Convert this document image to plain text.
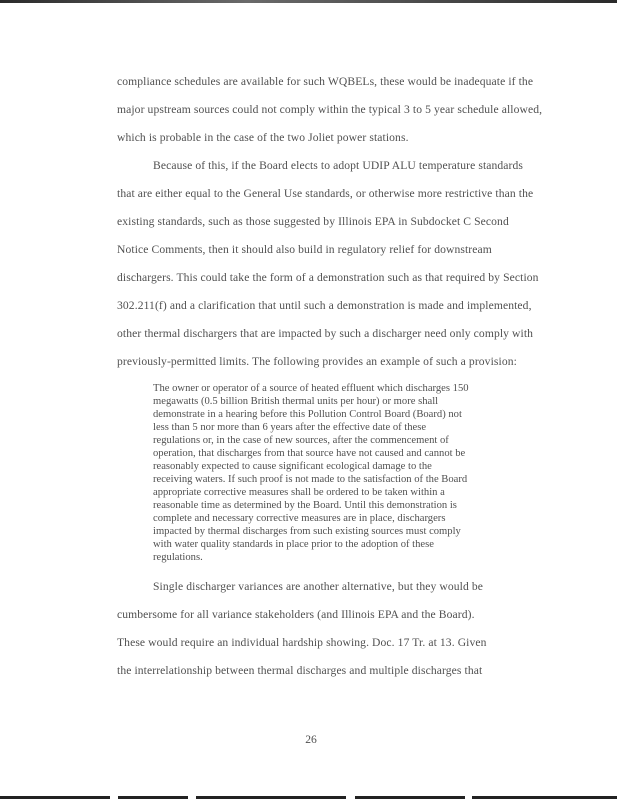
compliance schedules are available for such WQBELs, these would be inadequate if the
major upstream sources could not comply within the typical 3 to 5 year schedule allowed,
which is probable in the case of the two Joliet power stations.
Because of this, if the Board elects to adopt UDIP ALU temperature standards
that are either equal to the General Use standards, or otherwise more restrictive than the
existing standards, such as those suggested by Illinois EPA in Subdocket C Second
Notice Comments, then it should also build in regulatory relief for downstream
dischargers. This could take the form of a demonstration such as that required by Section
302.211(f) and a clarification that until such a demonstration is made and implemented,
other thermal dischargers that are impacted by such a discharger need only comply with
previously-permitted limits. The following provides an example of such a provision:
The owner or operator of a source of heated effluent which discharges 150
megawatts (0.5 billion British thermal units per hour) or more shall
demonstrate in a hearing before this Pollution Control Board (Board) not
less than 5 nor more than 6 years after the effective date of these
regulations or, in the case of new sources, after the commencement of
operation, that discharges from that source have not caused and cannot be
reasonably expected to cause significant ecological damage to the
receiving waters. If such proof is not made to the satisfaction of the Board
appropriate corrective measures shall be ordered to be taken within a
reasonable time as determined by the Board. Until this demonstration is
complete and necessary corrective measures are in place, dischargers
impacted by thermal discharges from such existing sources must comply
with water quality standards in place prior to the adoption of these
regulations.
Single discharger variances are another alternative, but they would be
cumbersome for all variance stakeholders (and Illinois EPA and the Board).
These would require an individual hardship showing. Doc. 17 Tr. at 13. Given
the interrelationship between thermal discharges and multiple discharges that
26
